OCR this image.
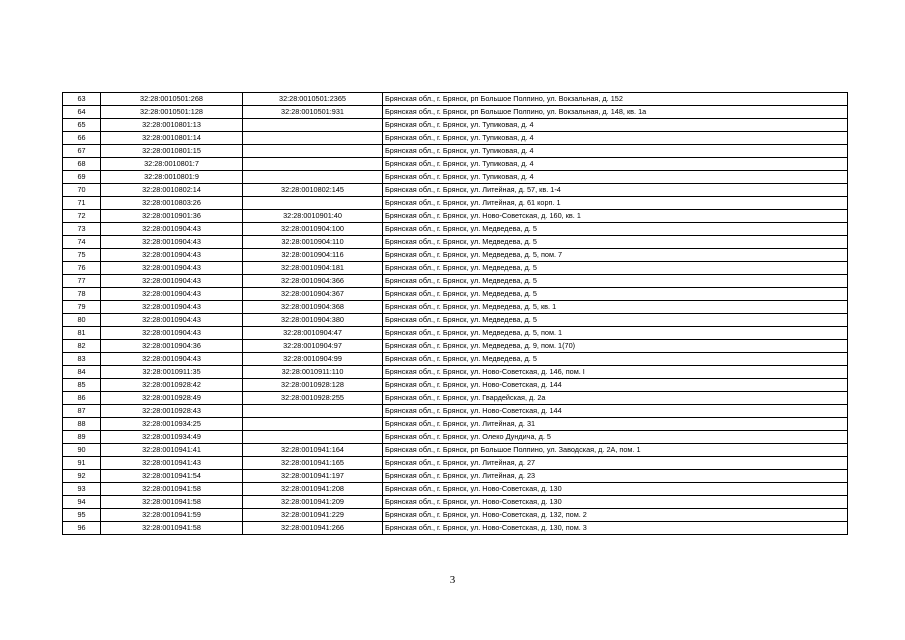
63	32:28:0010501:268	32:28:0010501:2365	Брянская обл., г. Брянск, рп Большое Полпино, ул. Вокзальная, д. 152
64	32:28:0010501:128	32:28:0010501:931	Брянская обл., г. Брянск, рп Большое Полпино, ул. Вокзальная, д. 148, кв. 1а
65	32:28:0010801:13		Брянская обл., г. Брянск, ул. Тупиковая, д. 4
66	32:28:0010801:14		Брянская обл., г. Брянск, ул. Тупиковая, д. 4
67	32:28:0010801:15		Брянская обл., г. Брянск, ул. Тупиковая, д. 4
68	32:28:0010801:7		Брянская обл., г. Брянск, ул. Тупиковая, д. 4
69	32:28:0010801:9		Брянская обл., г. Брянск, ул. Тупиковая, д. 4
70	32:28:0010802:14	32:28:0010802:145	Брянская обл., г. Брянск, ул. Литейная, д. 57, кв. 1-4
71	32:28:0010803:26		Брянская обл., г. Брянск, ул. Литейная, д. 61 корп. 1
72	32:28:0010901:36	32:28:0010901:40	Брянская обл., г. Брянск, ул. Ново-Советская, д. 160, кв. 1
73	32:28:0010904:43	32:28:0010904:100	Брянская обл., г. Брянск, ул. Медведева, д. 5
74	32:28:0010904:43	32:28:0010904:110	Брянская обл., г. Брянск, ул. Медведева, д. 5
75	32:28:0010904:43	32:28:0010904:116	Брянская обл., г. Брянск, ул. Медведева, д. 5, пом. 7
76	32:28:0010904:43	32:28:0010904:181	Брянская обл., г. Брянск, ул. Медведева, д. 5
77	32:28:0010904:43	32:28:0010904:366	Брянская обл., г. Брянск, ул. Медведева, д. 5
78	32:28:0010904:43	32:28:0010904:367	Брянская обл., г. Брянск, ул. Медведева, д. 5
79	32:28:0010904:43	32:28:0010904:368	Брянская обл., г. Брянск, ул. Медведева, д. 5, кв. 1
80	32:28:0010904:43	32:28:0010904:380	Брянская обл., г. Брянск, ул. Медведева, д. 5
81	32:28:0010904:43	32:28:0010904:47	Брянская обл., г. Брянск, ул. Медведева, д. 5, пом. 1
82	32:28:0010904:36	32:28:0010904:97	Брянская обл., г. Брянск, ул. Медведева, д. 9, пом. 1(70)
83	32:28:0010904:43	32:28:0010904:99	Брянская обл., г. Брянск, ул. Медведева, д. 5
84	32:28:0010911:35	32:28:0010911:110	Брянская обл., г. Брянск, ул. Ново-Советская, д. 146, пом. I
85	32:28:0010928:42	32:28:0010928:128	Брянская обл., г. Брянск, ул. Ново-Советская, д. 144
86	32:28:0010928:49	32:28:0010928:255	Брянская обл., г. Брянск, ул. Гвардейская, д. 2а
87	32:28:0010928:43		Брянская обл., г. Брянск, ул. Ново-Советская, д. 144
88	32:28:0010934:25		Брянская обл., г. Брянск, ул. Литейная, д. 31
89	32:28:0010934:49		Брянская обл., г. Брянск, ул. Олеко Дундича, д. 5
90	32:28:0010941:41	32:28:0010941:164	Брянская обл., г. Брянск, рп Большое Полпино, ул. Заводская, д. 2А, пом. 1
91	32:28:0010941:43	32:28:0010941:165	Брянская обл., г. Брянск, ул. Литейная, д. 27
92	32:28:0010941:54	32:28:0010941:197	Брянская обл., г. Брянск, ул. Литейная, д. 23
93	32:28:0010941:58	32:28:0010941:208	Брянская обл., г. Брянск, ул. Ново-Советская, д. 130
94	32:28:0010941:58	32:28:0010941:209	Брянская обл., г. Брянск, ул. Ново-Советская, д. 130
95	32:28:0010941:59	32:28:0010941:229	Брянская обл., г. Брянск, ул. Ново-Советская, д. 132, пом. 2
96	32:28:0010941:58	32:28:0010941:266	Брянская обл., г. Брянск, ул. Ново-Советская, д. 130, пом. 3
3
